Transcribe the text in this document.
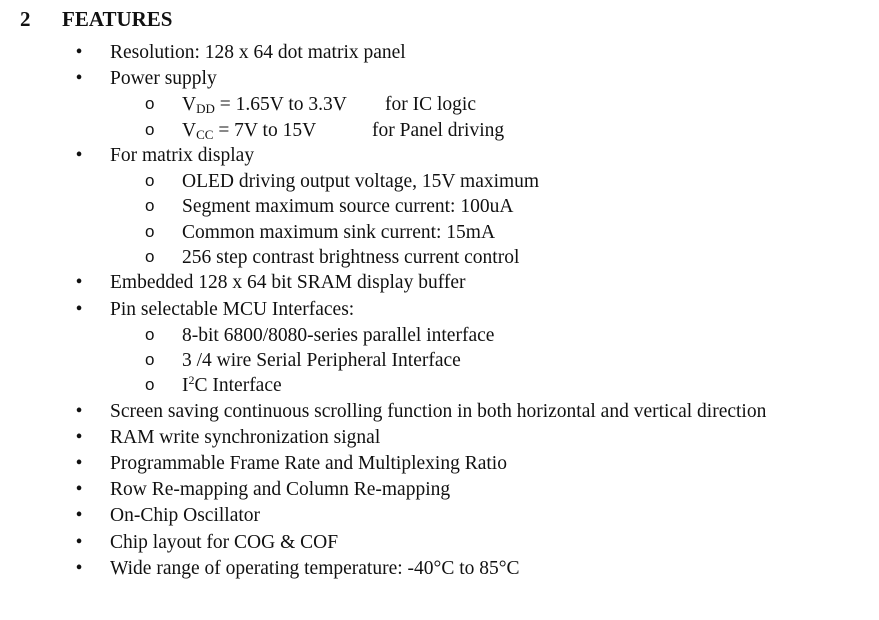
2 FEATURES
• Resolution: 128 x 64 dot matrix panel
• Power supply
o $V_{DD} = 1.65V$ to 3.3V for IC logic
o $V_{CC} = 7V$ to 15V	for Panel driving
• For matrix display
o OLED driving output voltage, 15V maximum
o Segment maximum source current: 100uA
o Common maximum sink current: 15mA
o 256 step contrast brightness current control
• Embedded 128 x 64 bit SRAM display buffer
• Pin selectable MCU Interfaces:
o 8-bit 6800/8080-series parallel interface
o 3 /4 wire Serial Peripheral Interface
o $I^2C$ Interface
• Screen saving continuous scrolling function in both horizontal and vertical direction
• RAM write synchronization signal
• Programmable Frame Rate and Multiplexing Ratio
• Row Re-mapping and Column Re-mapping
• On-Chip Oscillator
• Chip layout for COG & COF
• Wide range of operating temperature: -40°C to 85°C
